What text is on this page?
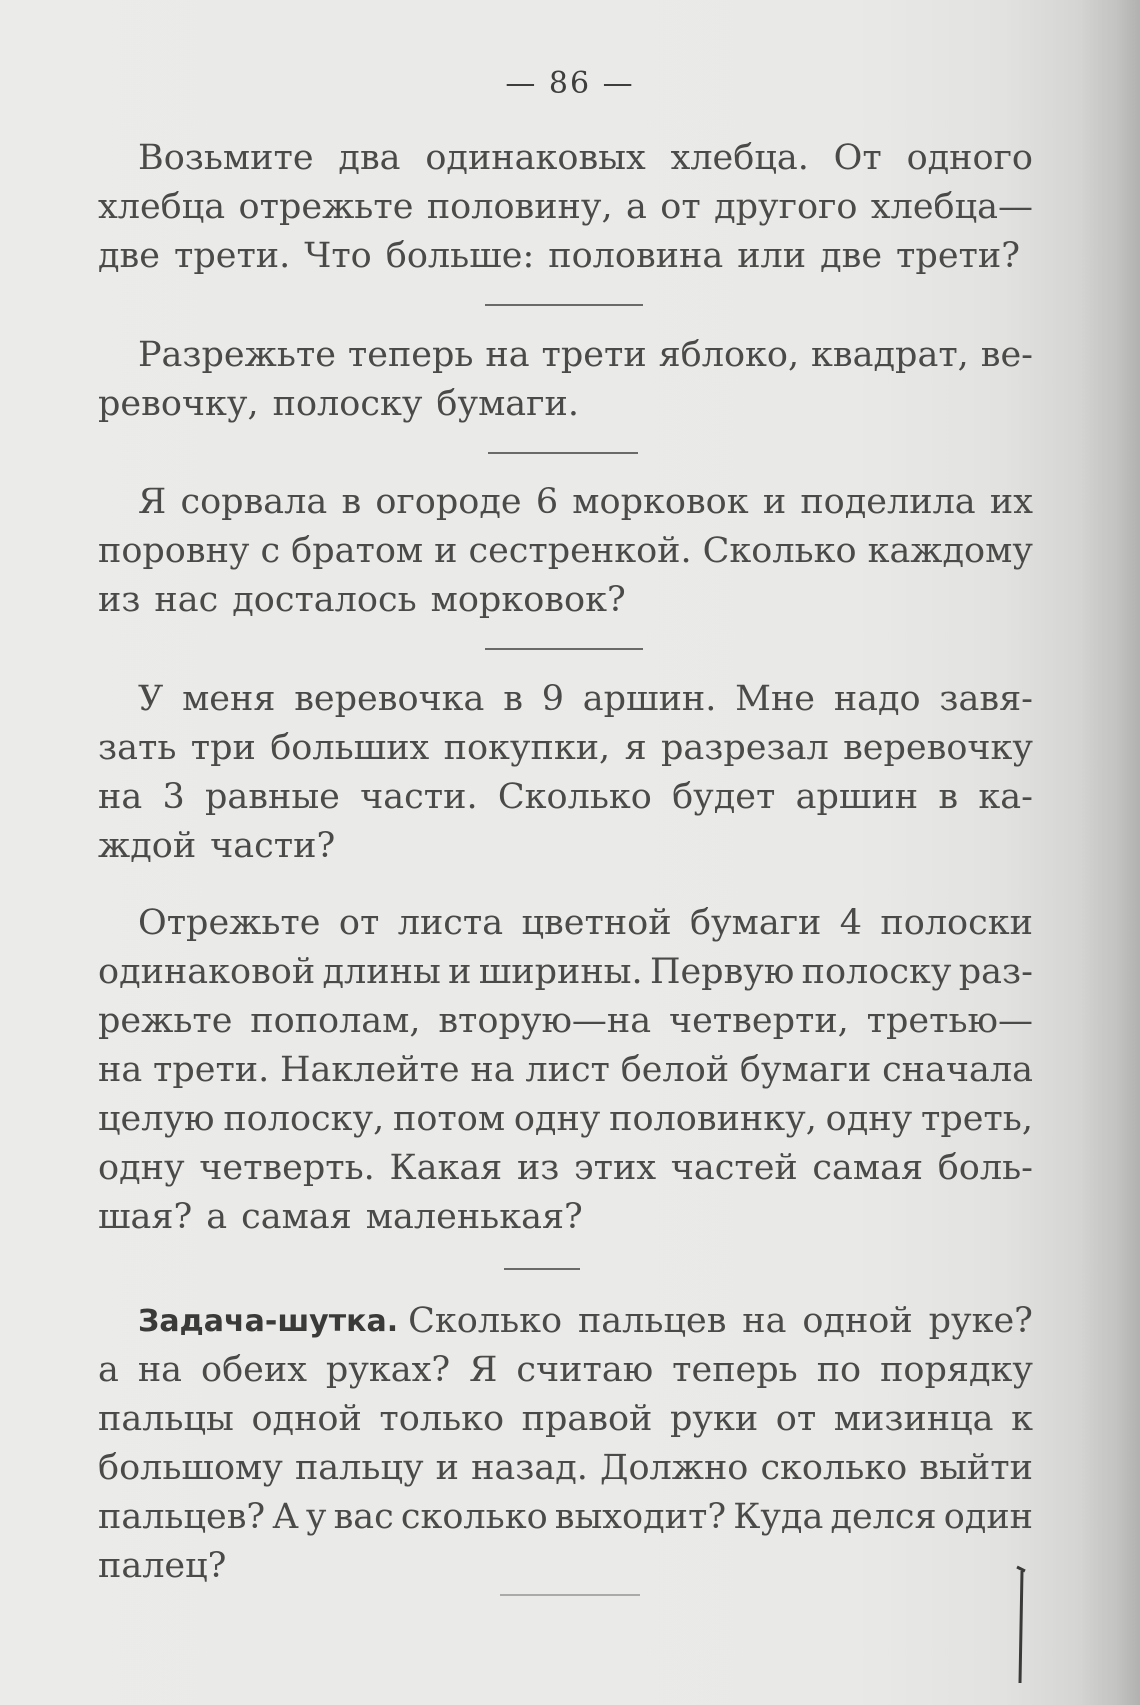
— 86 —
Возьмите два одинаковых хлебца. От одного
хлебца отрежьте половину, а от другого хлебца—
две трети. Что больше: половина или две трети?
Разрежьте теперь на трети яблоко, квадрат, ве-
ревочку, полоску бумаги.
Я сорвала в огороде 6 морковок и поделила их
поровну с братом и сестренкой. Сколько каждому
из нас досталось морковок?
У меня веревочка в 9 аршин. Мне надо завя-
зать три больших покупки, я разрезал веревочку
на 3 равные части. Сколько будет аршин в ка-
ждой части?
Отрежьте от листа цветной бумаги 4 полоски
одинаковой длины и ширины. Первую полоску раз-
режьте пополам, вторую—на четверти, третью—
на трети. Наклейте на лист белой бумаги сначала
целую полоску, потом одну половинку, одну треть,
одну четверть. Какая из этих частей самая боль-
шая? а самая маленькая?
Задача-шутка. Сколько пальцев на одной руке?
а на обеих руках? Я считаю теперь по порядку
пальцы одной только правой руки от мизинца к
большому пальцу и назад. Должно сколько выйти
пальцев? А у вас сколько выходит? Куда делся один
палец?
